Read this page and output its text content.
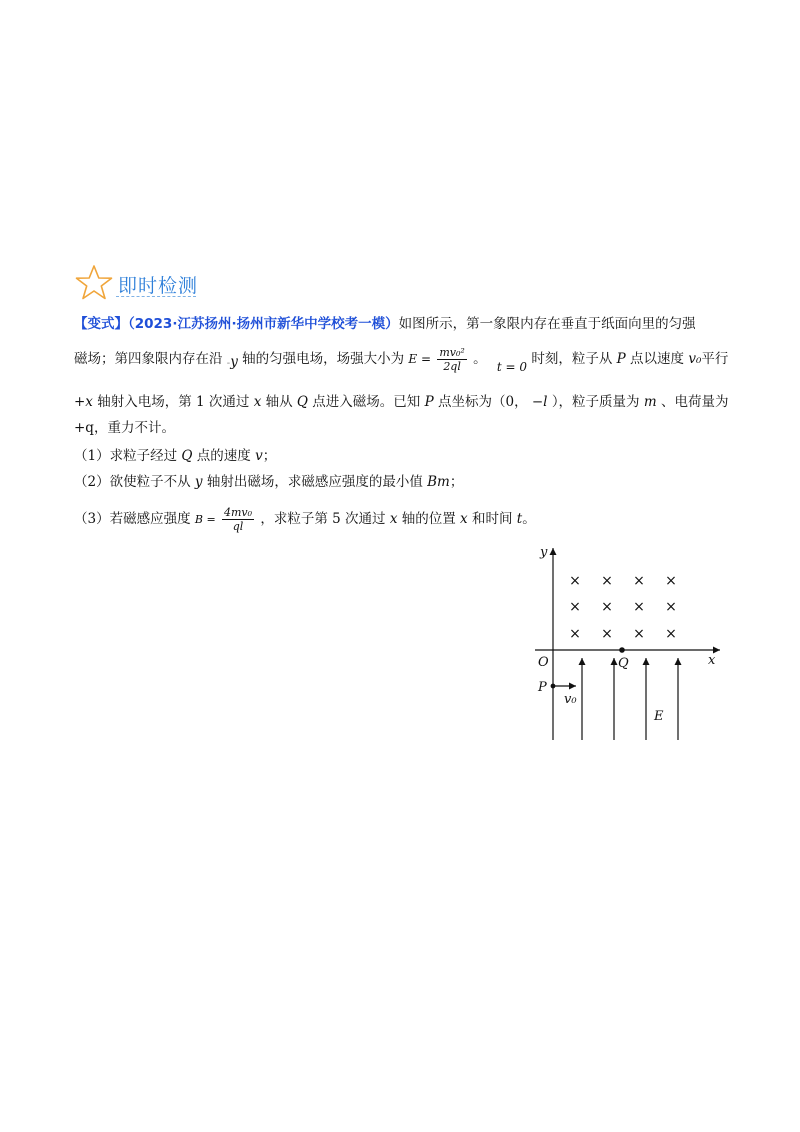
即时检测
【变式】（2023·江苏扬州·扬州市新华中学校考一模）如图所示，第一象限内存在垂直于纸面向里的匀强
磁场；第四象限内存在沿 $_-$y 轴的匀强电场，场强大小为 $E = \frac{\text{mv₀²}}{2ql}$ 。 t = 0 时刻，粒子从 P 点以速度 v₀平行
+x 轴射入电场，第 1 次通过 x 轴从 Q 点进入磁场。已知 P 点坐标为（0， −l ），粒子质量为 m 、电荷量为
+q，重力不计。
（1）求粒子经过 Q 点的速度 v；
（2）欲使粒子不从 y 轴射出磁场，求磁感应强度的最小值 Bm；
（3）若磁感应强度 $B = \frac{\text{4mv₀}}{ql}$ ，求粒子第 5 次通过 x 轴的位置 x 和时间 t。
y
x
O
× × × ×
× × × ×
× × × ×
Q
P
v₀
E
